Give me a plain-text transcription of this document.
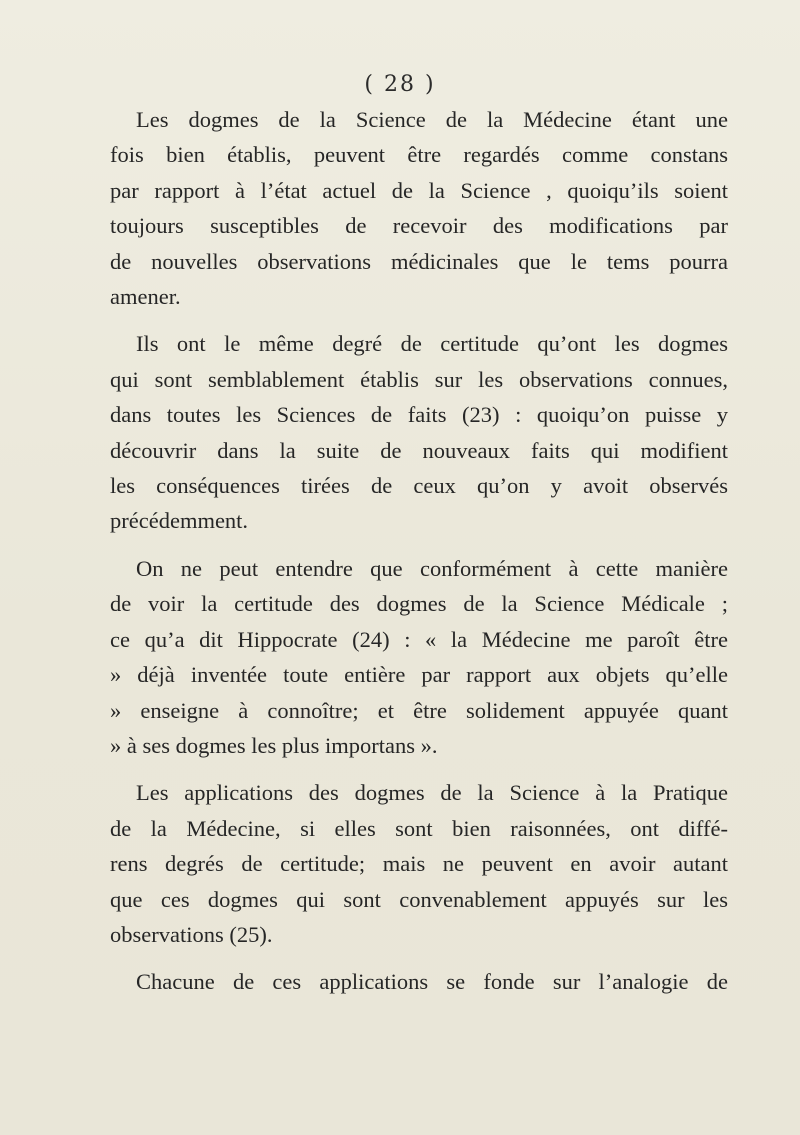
( 28 )

Les dogmes de la Science de la Médecine étant une
fois bien établis, peuvent être regardés comme constans
par rapport à l’état actuel de la Science , quoiqu’ils soient
toujours susceptibles de recevoir des modifications par
de nouvelles observations médicinales que le tems pourra
amener.

Ils ont le même degré de certitude qu’ont les dogmes
qui sont semblablement établis sur les observations connues,
dans toutes les Sciences de faits (23) : quoiqu’on puisse y
découvrir dans la suite de nouveaux faits qui modifient
les conséquences tirées de ceux qu’on y avoit observés
précédemment.

On ne peut entendre que conformément à cette manière
de voir la certitude des dogmes de la Science Médicale ;
ce qu’a dit Hippocrate (24) : « la Médecine me paroît être
» déjà inventée toute entière par rapport aux objets qu’elle
» enseigne à connoître; et être solidement appuyée quant
» à ses dogmes les plus importans ».

Les applications des dogmes de la Science à la Pratique
de la Médecine, si elles sont bien raisonnées, ont diffé-
rens degrés de certitude; mais ne peuvent en avoir autant
que ces dogmes qui sont convenablement appuyés sur les
observations (25).

Chacune de ces applications se fonde sur l’analogie de
